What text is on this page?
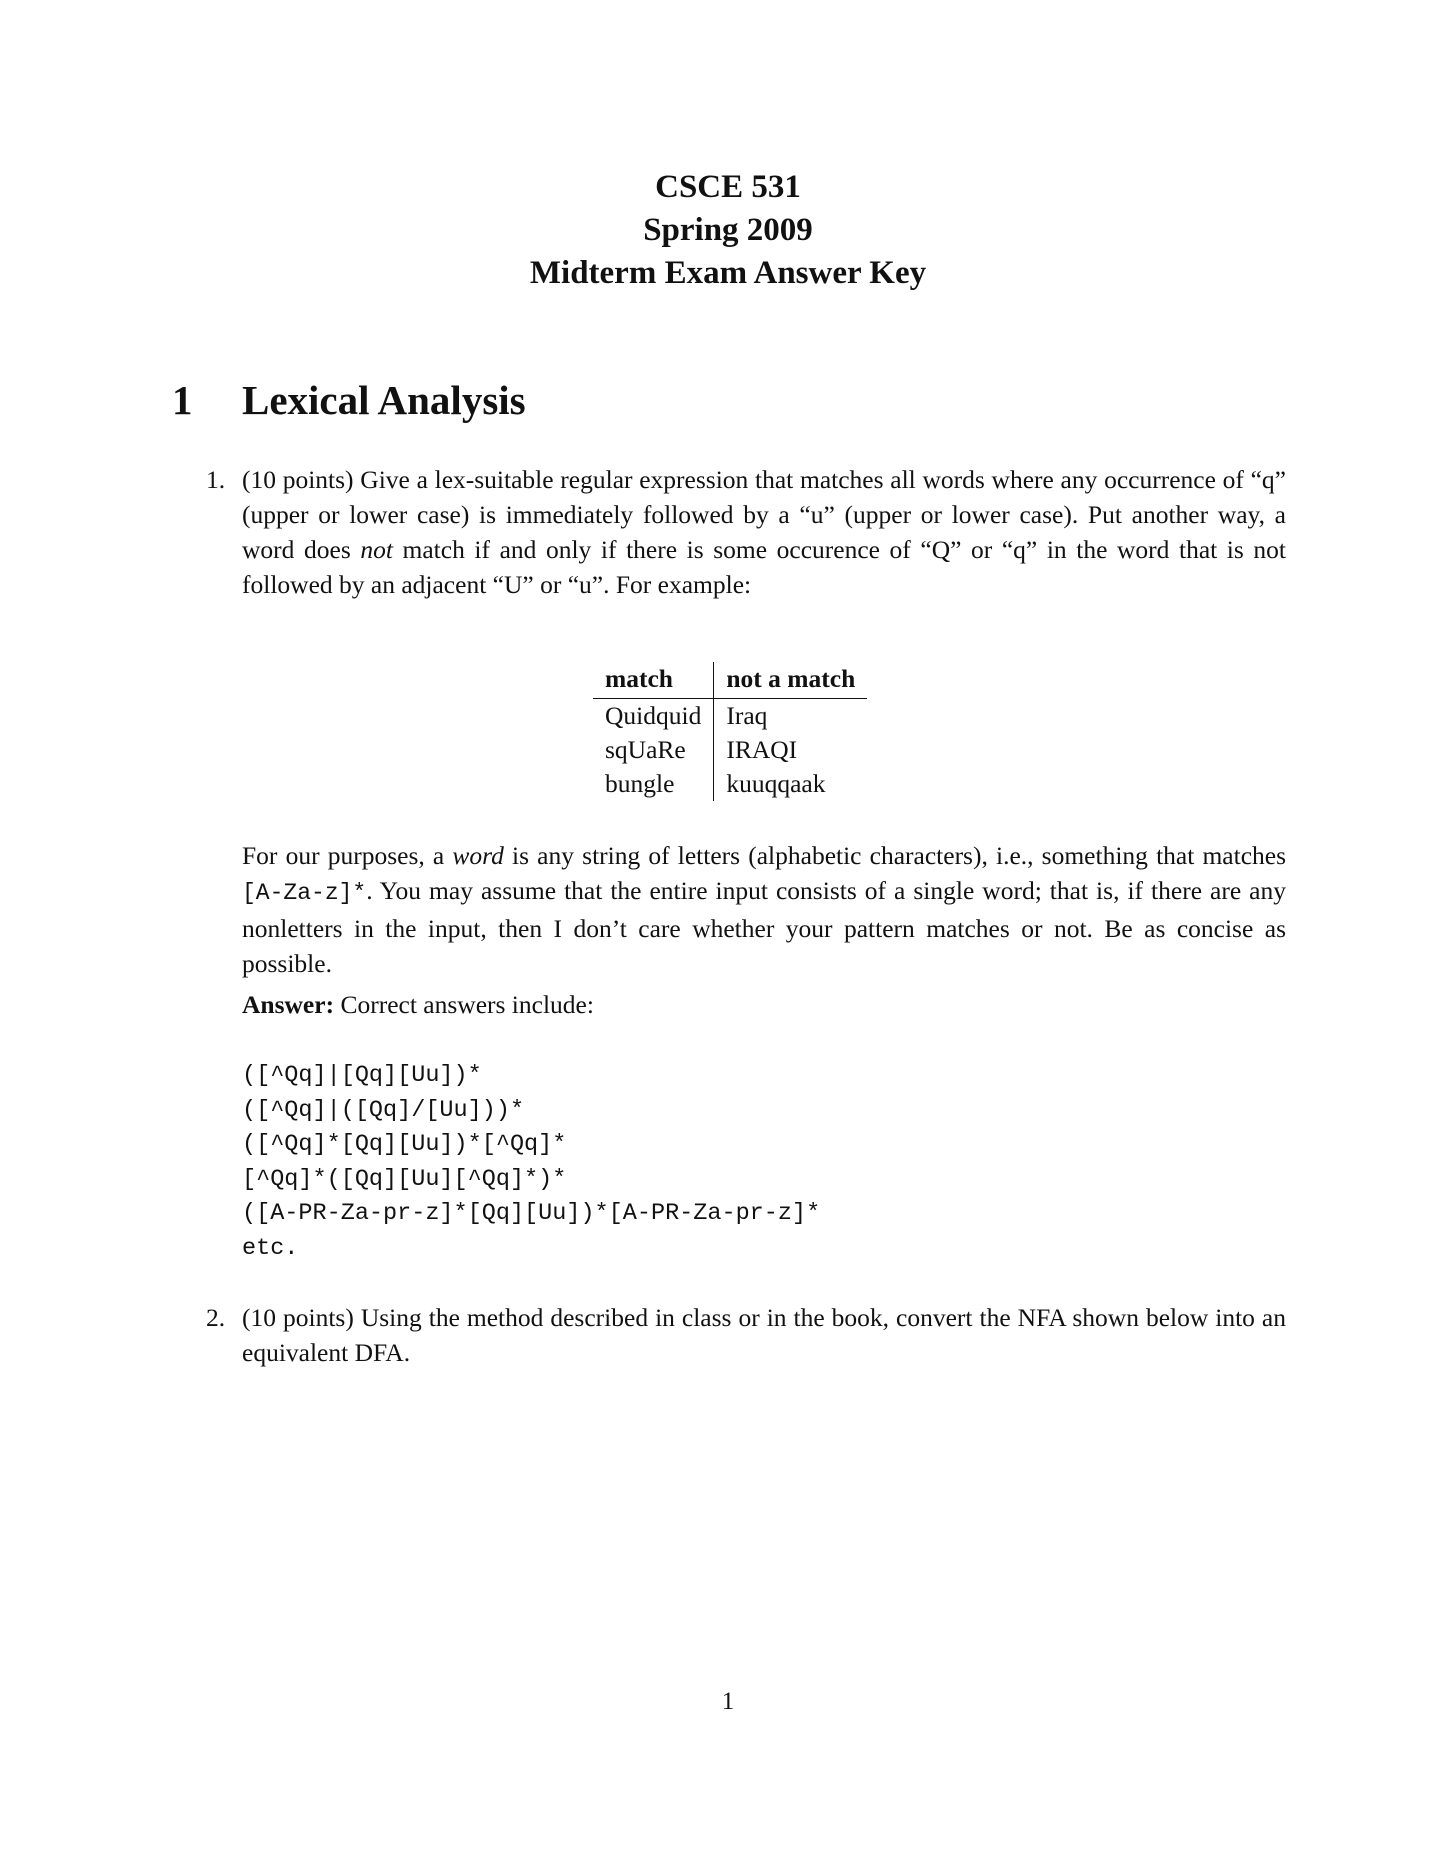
CSCE 531
Spring 2009
Midterm Exam Answer Key
1 Lexical Analysis
1. (10 points) Give a lex-suitable regular expression that matches all words where any occurrence of “q” (upper or lower case) is immediately followed by a “u” (upper or lower case). Put another way, a word does not match if and only if there is some occurence of “Q” or “q” in the word that is not followed by an adjacent “U” or “u”. For example:
match	not a match
Quidquid	Iraq
sqUaRe	IRAQI
bungle	kuuqqaak
For our purposes, a word is any string of letters (alphabetic characters), i.e., something that matches [A-Za-z]*. You may assume that the entire input consists of a single word; that is, if there are any nonletters in the input, then I don’t care whether your pattern matches or not. Be as concise as possible.
Answer: Correct answers include:
([^Qq]|[Qq][Uu])*
([^Qq]|([Qq]/[Uu]))*
([^Qq]*[Qq][Uu])*[^Qq]*
[^Qq]*([Qq][Uu][^Qq]*)*
([A-PR-Za-pr-z]*[Qq][Uu])*[A-PR-Za-pr-z]*
etc.
2. (10 points) Using the method described in class or in the book, convert the NFA shown below into an equivalent DFA.
1
